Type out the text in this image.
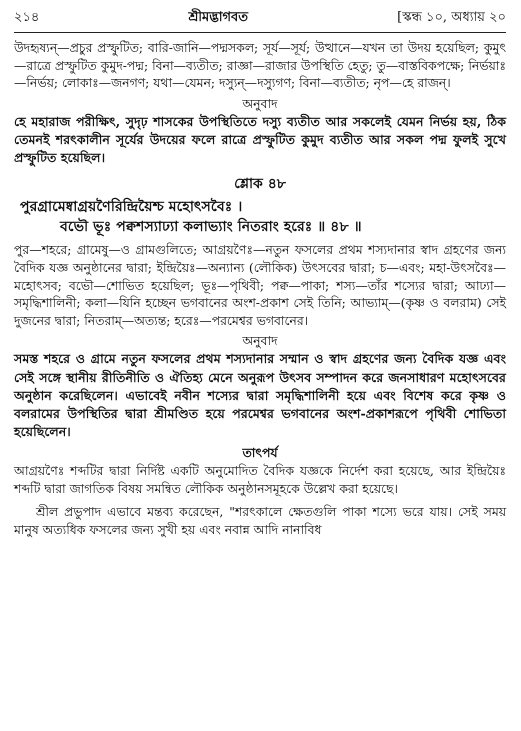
২১৪	শ্রীমদ্ভাগবত	[স্কন্ধ ১০, অধ্যায় ২০

উদহৃষ্যন্—প্রচুর প্রস্ফুটিত; বারি-জানি—পদ্মসকল; সূর্য—সূর্য; উত্থানে—যখন তা উদয় হয়েছিল; কুমুৎ—রাত্রে প্রস্ফুটিত কুমুদ-পদ্ম; বিনা—ব্যতীত; রাজ্ঞা—রাজার উপস্থিতি হেতু; তু—বাস্তবিকপক্ষে; নির্ভয়াঃ—নির্ভয়; লোকাঃ—জনগণ; যথা—যেমন; দস্যুন্—দস্যুগণ; বিনা—ব্যতীত; নৃপ—হে রাজন্।

অনুবাদ

হে মহারাজ পরীক্ষিৎ, সুদৃঢ় শাসকের উপস্থিতিতে দস্যু ব্যতীত আর সকলেই যেমন নির্ভয় হয়, ঠিক তেমনই শরৎকালীন সূর্যের উদয়ের ফলে রাত্রে প্রস্ফুটিত কুমুদ ব্যতীত আর সকল পদ্ম ফুলই সুখে প্রস্ফুটিত হয়েছিল।

শ্লোক ৪৮
পুরগ্রামেষ্বাগ্রয়ণৈরিন্দ্রিয়ৈশ্চ মহোৎসবৈঃ ।
বভৌ ভূঃ পক্বশস্যাঢ্যা কলাভ্যাং নিতরাং হরেঃ ॥ ৪৮ ॥

পুর—শহরে; গ্রামেষু—ও গ্রামগুলিতে; আগ্রয়ণৈঃ—নতুন ফসলের প্রথম শস্যদানার স্বাদ গ্রহণের জন্য বৈদিক যজ্ঞ অনুষ্ঠানের দ্বারা; ইন্দ্রিয়ৈঃ—অন্যান্য (লৌকিক) উৎসবের দ্বারা; চ—এবং; মহা-উৎসবৈঃ—মহোৎসব; বভৌ—শোভিত হয়েছিল; ভূঃ—পৃথিবী; পক্ব—পাকা; শস্য—তাঁর শস্যের দ্বারা; আঢ্যা—সমৃদ্ধিশালিনী; কলা—যিনি হচ্ছেন ভগবানের অংশ-প্রকাশ সেই তিনি; আভ্যাম্—(কৃষ্ণ ও বলরাম) সেই দুজনের দ্বারা; নিতরাম্—অত্যন্ত; হরেঃ—পরমেশ্বর ভগবানের।

অনুবাদ

সমস্ত শহরে ও গ্রামে নতুন ফসলের প্রথম শস্যদানার সম্মান ও স্বাদ গ্রহণের জন্য বৈদিক যজ্ঞ এবং সেই সঙ্গে স্থানীয় রীতিনীতি ও ঐতিহ্য মেনে অনুরূপ উৎসব সম্পাদন করে জনসাধারণ মহোৎসবের অনুষ্ঠান করেছিলেন। এভাবেই নবীন শস্যের দ্বারা সমৃদ্ধিশালিনী হয়ে এবং বিশেষ করে কৃষ্ণ ও বলরামের উপস্থিতির দ্বারা শ্রীমণ্ডিত হয়ে পরমেশ্বর ভগবানের অংশ-প্রকাশরূপে পৃথিবী শোভিতা হয়েছিলেন।

তাৎপর্য

আগ্রয়ণৈঃ শব্দটির দ্বারা নির্দিষ্ট একটি অনুমোদিত বৈদিক যজ্ঞকে নির্দেশ করা হয়েছে, আর ইন্দ্রিয়ৈঃ শব্দটি দ্বারা জাগতিক বিষয় সমন্বিত লৌকিক অনুষ্ঠানসমূহকে উল্লেখ করা হয়েছে।

শ্রীল প্রভুপাদ এভাবে মন্তব্য করেছেন, "শরৎকালে ক্ষেতগুলি পাকা শস্যে ভরে যায়। সেই সময় মানুষ অত্যধিক ফসলের জন্য সুখী হয় এবং নবান্ন আদি নানাবিধ
